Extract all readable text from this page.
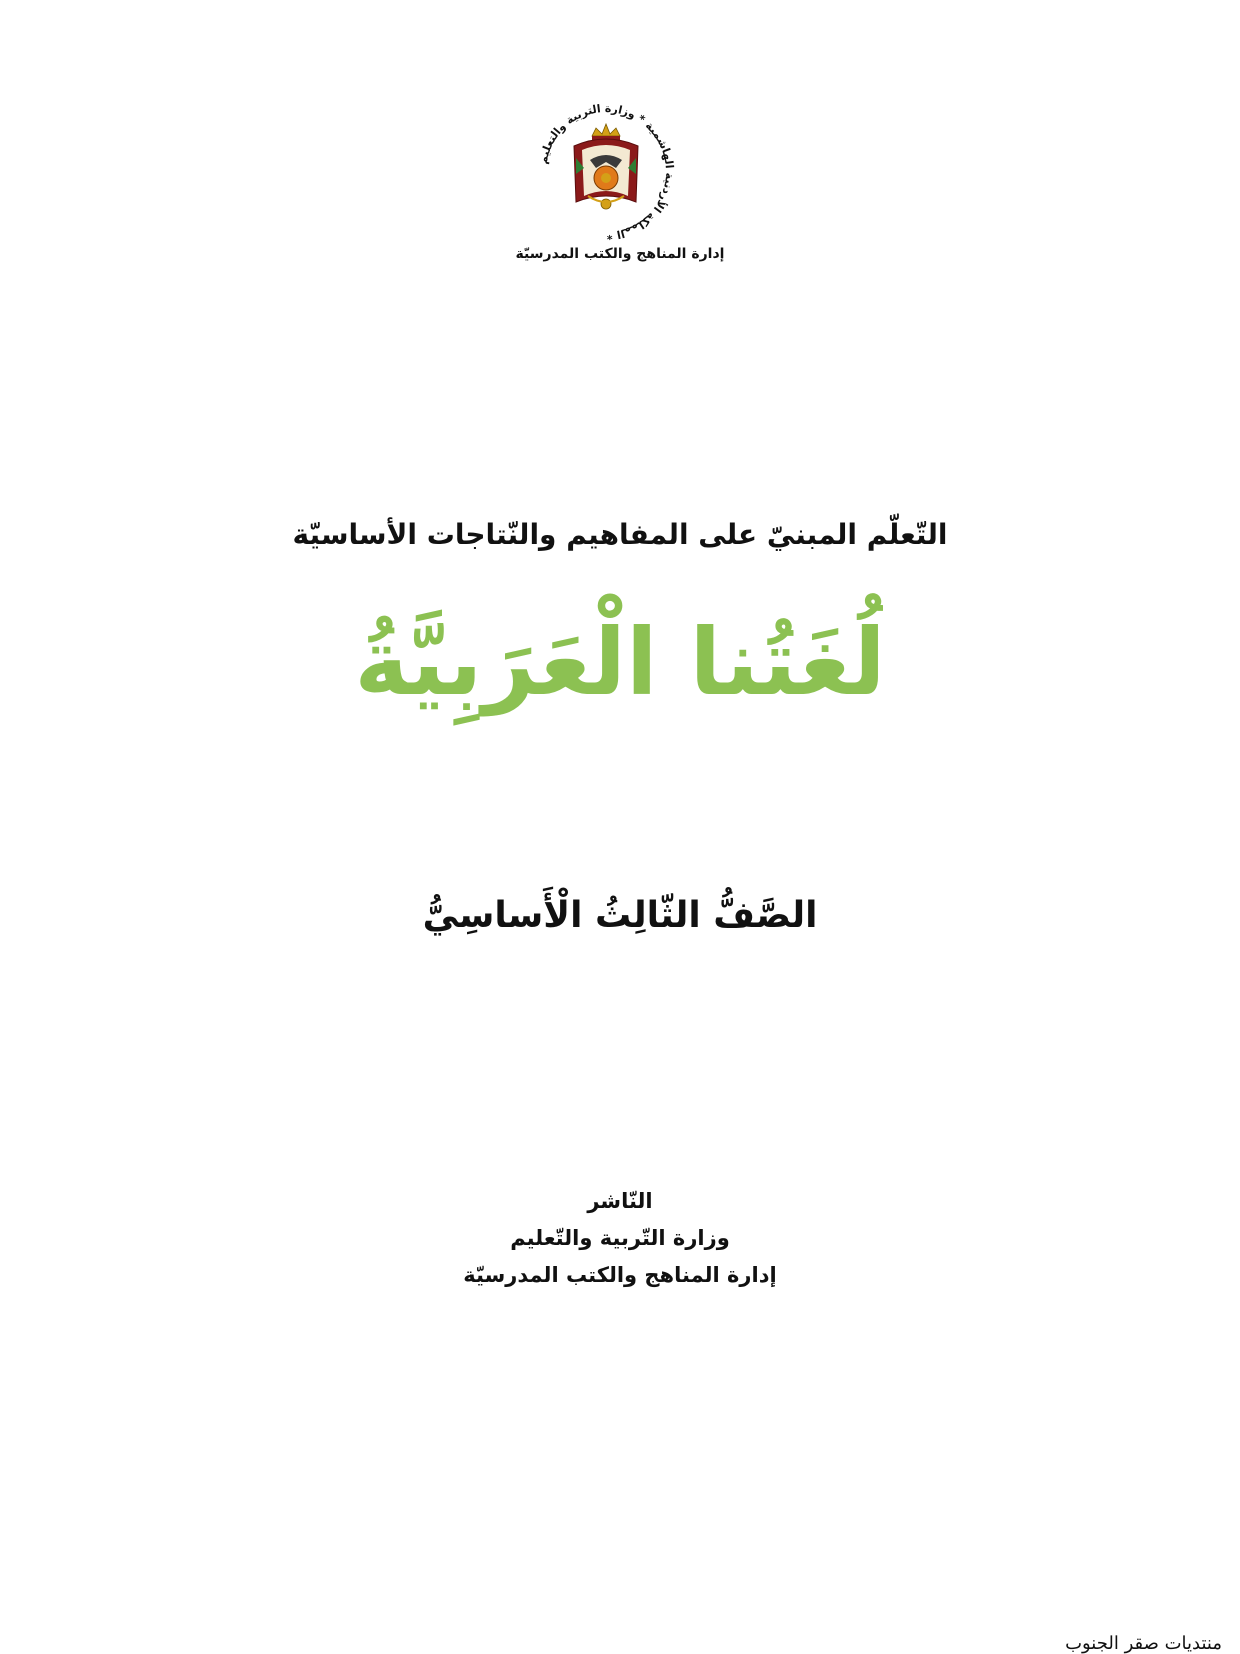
المملكة الأردنية الهاشمية * وزارة التربية والتعليم *
إدارة المناهج والكتب المدرسيّة
التّعلّم المبنيّ على المفاهيم والنّتاجات الأساسيّة
لُغَتُنا الْعَرَبِيَّةُ
الصَّفُّ الثّالِثُ الْأَساسِيُّ
النّاشر
وزارة التّربية والتّعليم
إدارة المناهج والكتب المدرسيّة
منتديات صقر الجنوب
